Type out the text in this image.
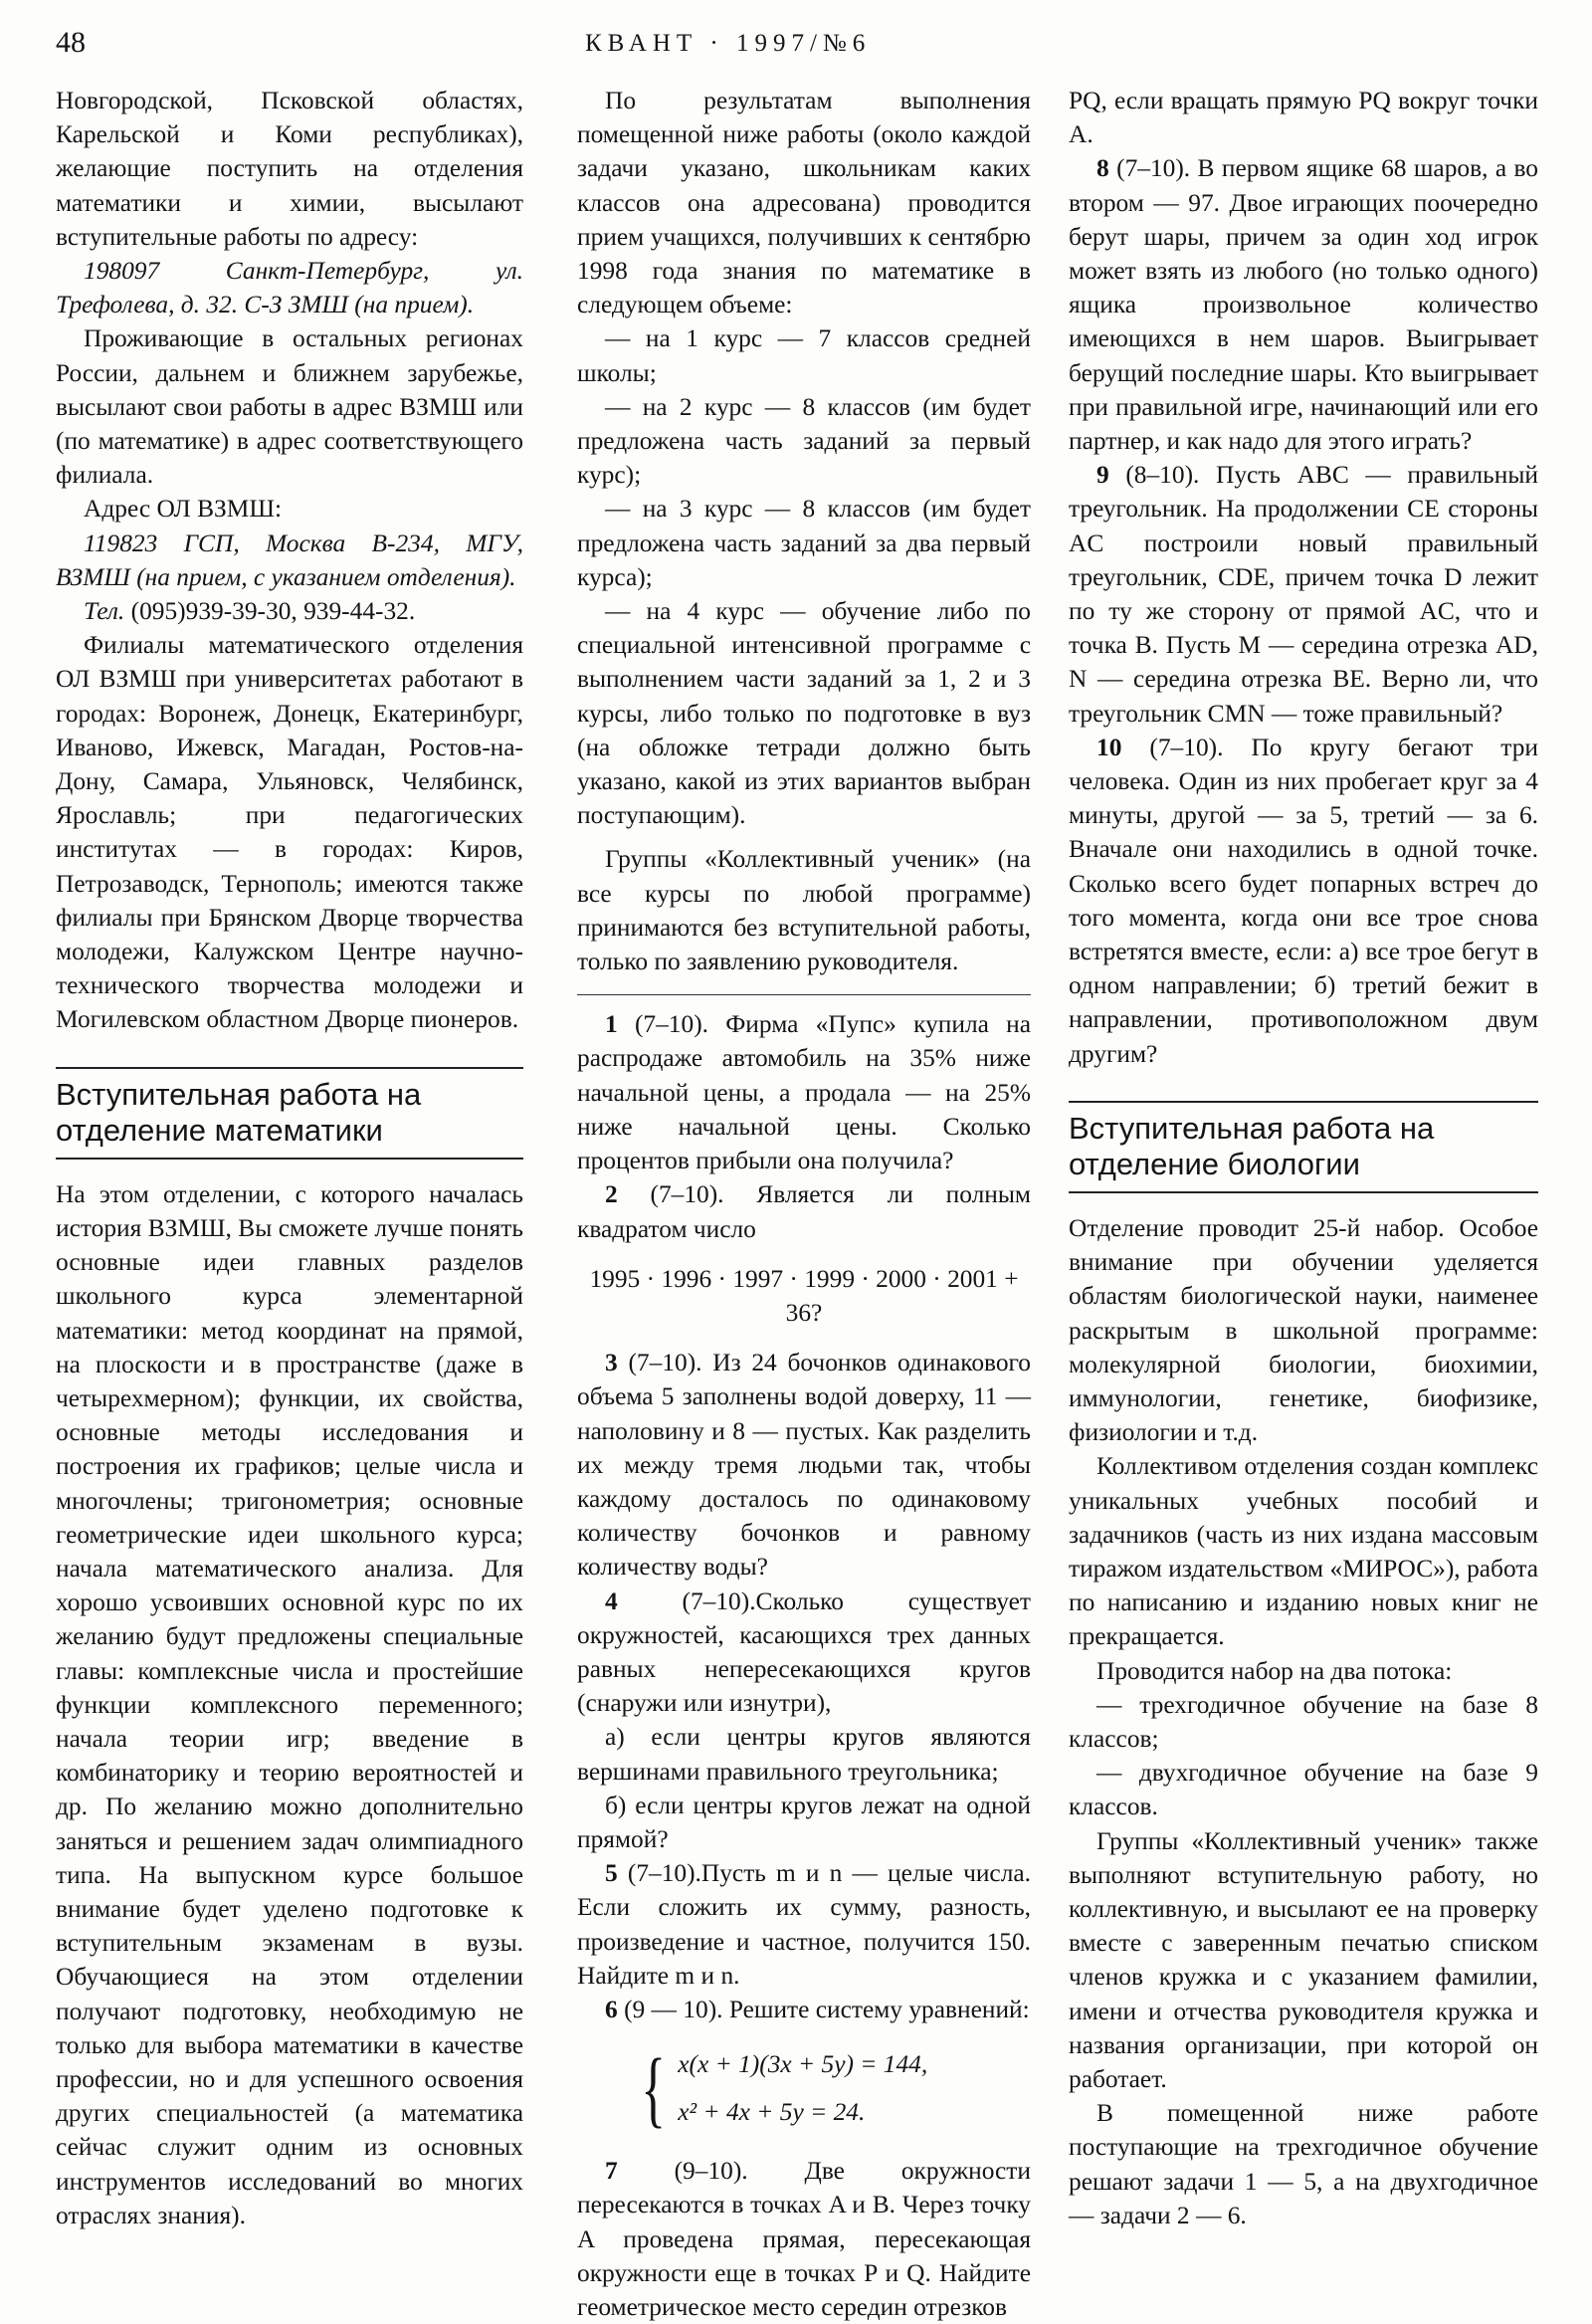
48	КВАНТ · 1997/№6

Новгородской, Псковской областях, Карельской и Коми республиках), желающие поступить на отделения математики и химии, высылают вступительные работы по адресу:

198097 Санкт-Петербург, ул. Трефолева, д. 32. С-З ЗМШ (на прием).

Проживающие в остальных регионах России, дальнем и ближнем зарубежье, высылают свои работы в адрес ВЗМШ или (по математике) в адрес соответствующего филиала.

Адрес ОЛ ВЗМШ:

119823 ГСП, Москва В-234, МГУ, ВЗМШ (на прием, с указанием отделения).

Тел. (095)939-39-30, 939-44-32.

Филиалы математического отделения ОЛ ВЗМШ при университетах работают в городах: Воронеж, Донецк, Екатеринбург, Иваново, Ижевск, Магадан, Ростов-на-Дону, Самара, Ульяновск, Челябинск, Ярославль; при педагогических институтах — в городах: Киров, Петрозаводск, Тернополь; имеются также филиалы при Брянском Дворце творчества молодежи, Калужском Центре научно-технического творчества молодежи и Могилевском областном Дворце пионеров.

Вступительная работа на отделение математики

На этом отделении, с которого началась история ВЗМШ, Вы сможете лучше понять основные идеи главных разделов школьного курса элементарной математики: метод координат на прямой, на плоскости и в пространстве (даже в четырехмерном); функции, их свойства, основные методы исследования и построения их графиков; целые числа и многочлены; тригонометрия; основные геометрические идеи школьного курса; начала математического анализа. Для хорошо усвоивших основной курс по их желанию будут предложены специальные главы: комплексные числа и простейшие функции комплексного переменного; начала теории игр; введение в комбинаторику и теорию вероятностей и др. По желанию можно дополнительно заняться и решением задач олимпиадного типа. На выпускном курсе большое внимание будет уделено подготовке к вступительным экзаменам в вузы. Обучающиеся на этом отделении получают подготовку, необходимую не только для выбора математики в качестве профессии, но и для успешного освоения других специальностей (а математика сейчас служит одним из основных инструментов исследований во многих отраслях знания).

По результатам выполнения помещенной ниже работы (около каждой задачи указано, школьникам каких классов она адресована) проводится прием учащихся, получивших к сентябрю 1998 года знания по математике в следующем объеме:

— на 1 курс — 7 классов средней школы;

— на 2 курс — 8 классов (им будет предложена часть заданий за первый курс);

— на 3 курс — 8 классов (им будет предложена часть заданий за два первый курса);

— на 4 курс — обучение либо по специальной интенсивной программе с выполнением части заданий за 1, 2 и 3 курсы, либо только по подготовке в вуз (на обложке тетради должно быть указано, какой из этих вариантов выбран поступающим).

Группы «Коллективный ученик» (на все курсы по любой программе) принимаются без вступительной работы, только по заявлению руководителя.

1 (7–10). Фирма «Пупс» купила на распродаже автомобиль на 35% ниже начальной цены, а продала — на 25% ниже начальной цены. Сколько процентов прибыли она получила?

2 (7–10). Является ли полным квадратом число

1995 · 1996 · 1997 · 1999 · 2000 · 2001 + 36?

3 (7–10). Из 24 бочонков одинакового объема 5 заполнены водой доверху, 11 — наполовину и 8 — пустых. Как разделить их между тремя людьми так, чтобы каждому досталось по одинаковому количеству бочонков и равному количеству воды?

4	(7–10).Сколько существует окружностей, касающихся трех данных равных непересекающихся кругов (снаружи или изнутри),

а) если центры кругов являются вершинами правильного треугольника;

б) если центры кругов лежат на одной прямой?

5 (7–10).Пусть m и n — целые числа. Если сложить их сумму, разность, произведение и частное, получится 150. Найдите m и n.

6 (9 — 10). Решите систему уравнений:

{ x(x + 1)(3x + 5y) = 144,
x² + 4x + 5y = 24.

7 (9–10). Две окружности пересекаются в точках A и B. Через точку A проведена прямая, пересекающая окружности еще в точках P и Q. Найдите геометрическое место середин отрезков

PQ, если вращать прямую PQ вокруг точки A.

8 (7–10). В первом ящике 68 шаров, а во втором — 97. Двое играющих поочередно берут шары, причем за один ход игрок может взять из любого (но только одного) ящика произвольное количество имеющихся в нем шаров. Выигрывает берущий последние шары. Кто выигрывает при правильной игре, начинающий или его партнер, и как надо для этого играть?

9 (8–10). Пусть ABC — правильный треугольник. На продолжении CE стороны AC построили новый правильный треугольник, CDE, причем точка D лежит по ту же сторону от прямой AC, что и точка B. Пусть M — середина отрезка AD, N — середина отрезка BE. Верно ли, что треугольник CMN — тоже правильный?

10 (7–10). По кругу бегают три человека. Один из них пробегает круг за 4 минуты, другой — за 5, третий — за 6. Вначале они находились в одной точке. Сколько всего будет попарных встреч до того момента, когда они все трое снова встретятся вместе, если: а) все трое бегут в одном направлении; б) третий бежит в направлении, противоположном двум другим?

Вступительная работа на отделение биологии

Отделение проводит 25-й набор. Особое внимание при обучении уделяется областям биологической науки, наименее раскрытым в школьной программе: молекулярной биологии, биохимии, иммунологии, генетике, биофизике, физиологии и т.д.

Коллективом отделения создан комплекс уникальных учебных пособий и задачников (часть из них издана массовым тиражом издательством «МИРОС»), работа по написанию и изданию новых книг не прекращается.

Проводится набор на два потока:

— трехгодичное обучение на базе 8 классов;

— двухгодичное обучение на базе 9 классов.

Группы «Коллективный ученик» также выполняют вступительную работу, но коллективную, и высылают ее на проверку вместе с заверенным печатью списком членов кружка и с указанием фамилии, имени и отчества руководителя кружка и названия организации, при которой он работает.

В помещенной ниже работе поступающие на трехгодичное обучение решают задачи 1 — 5, а на двухгодичное — задачи 2 — 6.
